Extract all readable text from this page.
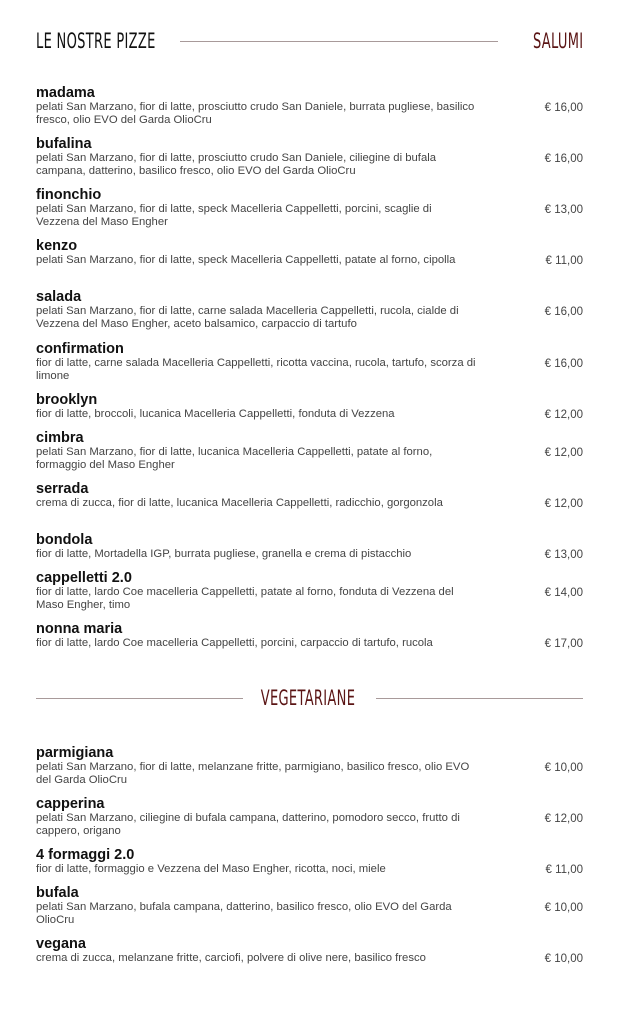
LE NOSTRE PIZZE	SALUMI
madama
pelati San Marzano, fior di latte, prosciutto crudo San Daniele, burrata pugliese, basilico fresco, olio EVO del Garda OlioCru
€ 16,00
bufalina
pelati San Marzano, fior di latte, prosciutto crudo San Daniele, ciliegine di bufala campana, datterino, basilico fresco, olio EVO del Garda OlioCru
€ 16,00
finonchio
pelati San Marzano, fior di latte, speck Macelleria Cappelletti, porcini, scaglie di Vezzena del Maso Engher
€ 13,00
kenzo
pelati San Marzano, fior di latte, speck Macelleria Cappelletti, patate al forno, cipolla	€ 11,00
salada
pelati San Marzano, fior di latte, carne salada Macelleria Cappelletti, rucola, cialde di Vezzena del Maso Engher, aceto balsamico, carpaccio di tartufo
€ 16,00
confirmation
fior di latte, carne salada Macelleria Cappelletti, ricotta vaccina, rucola, tartufo, scorza di limone
€ 16,00
brooklyn
fior di latte, broccoli, lucanica Macelleria Cappelletti, fonduta di Vezzena	€ 12,00
cimbra
pelati San Marzano, fior di latte, lucanica Macelleria Cappelletti, patate al forno, formaggio del Maso Engher
€ 12,00
serrada
crema di zucca, fior di latte, lucanica Macelleria Cappelletti, radicchio, gorgonzola	€ 12,00
bondola
fior di latte, Mortadella IGP, burrata pugliese, granella e crema di pistacchio	€ 13,00
cappelletti 2.0
fior di latte, lardo Coe macelleria Cappelletti, patate al forno, fonduta di Vezzena del Maso Engher, timo
€ 14,00
nonna maria
fior di latte, lardo Coe macelleria Cappelletti, porcini, carpaccio di tartufo, rucola	€ 17,00
VEGETARIANE
parmigiana
pelati San Marzano, fior di latte, melanzane fritte, parmigiano, basilico fresco, olio EVO del Garda OlioCru
€ 10,00
capperina
pelati San Marzano, ciliegine di bufala campana, datterino, pomodoro secco, frutto di cappero, origano
€ 12,00
4 formaggi 2.0
fior di latte, formaggio e Vezzena del Maso Engher, ricotta, noci, miele	€ 11,00
bufala
pelati San Marzano, bufala campana, datterino, basilico fresco, olio EVO del Garda OlioCru
€ 10,00
vegana
crema di zucca, melanzane fritte, carciofi, polvere di olive nere, basilico fresco	€ 10,00
